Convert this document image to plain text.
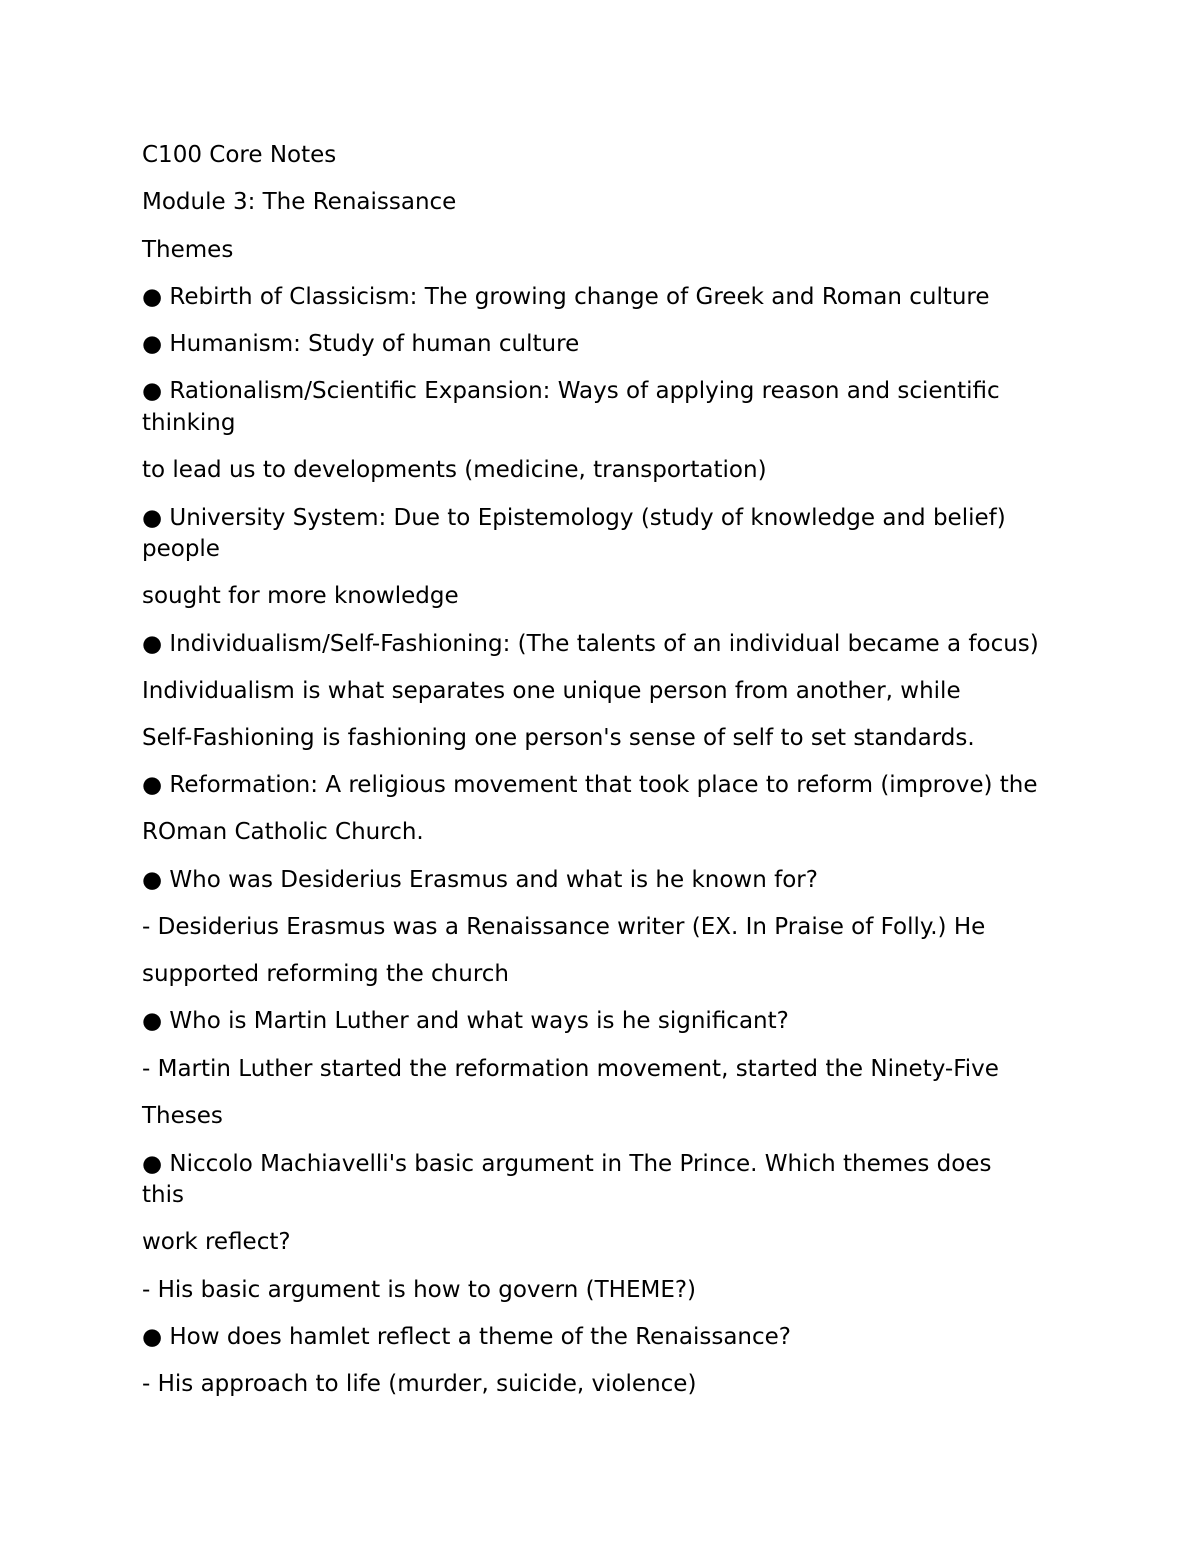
C100 Core Notes
Module 3: The Renaissance
Themes
● Rebirth of Classicism: The growing change of Greek and Roman culture
● Humanism: Study of human culture
● Rationalism/Scientific Expansion: Ways of applying reason and scientific
thinking
to lead us to developments (medicine, transportation)
● University System: Due to Epistemology (study of knowledge and belief)
people
sought for more knowledge
● Individualism/Self-Fashioning: (The talents of an individual became a focus)
Individualism is what separates one unique person from another, while
Self-Fashioning is fashioning one person's sense of self to set standards.
● Reformation: A religious movement that took place to reform (improve) the
ROman Catholic Church.
● Who was Desiderius Erasmus and what is he known for?
- Desiderius Erasmus was a Renaissance writer (EX. In Praise of Folly.) He
supported reforming the church
● Who is Martin Luther and what ways is he significant?
- Martin Luther started the reformation movement, started the Ninety-Five
Theses
● Niccolo Machiavelli's basic argument in The Prince. Which themes does
this
work reflect?
- His basic argument is how to govern (THEME?)
● How does hamlet reflect a theme of the Renaissance?
- His approach to life (murder, suicide, violence)
